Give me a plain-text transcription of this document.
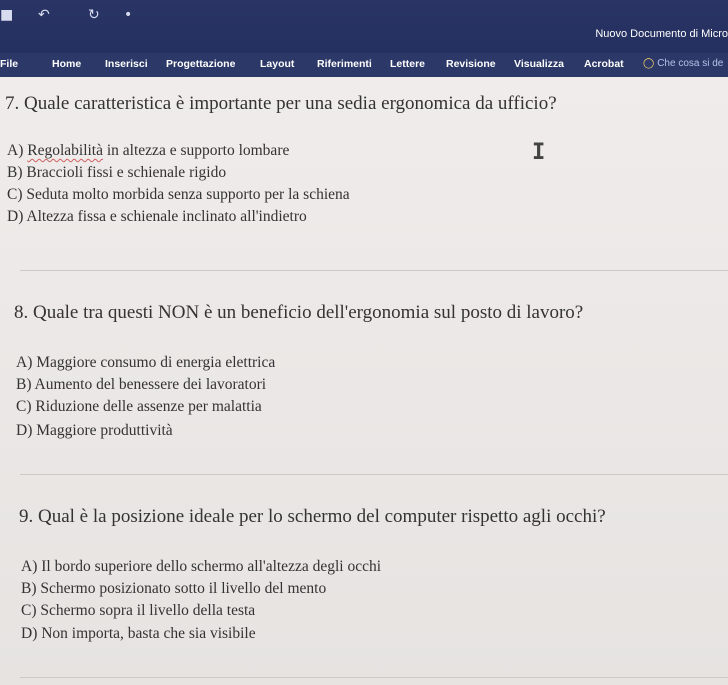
■ ↶	↻ •
Nuovo Documento di Micro
File	Home Inserisci Progettazione Layout Riferimenti Lettere Revisione Visualizza Acrobat ◯ Che cosa si de
7. Quale caratteristica è importante per una sedia ergonomica da ufficio?
A) Regolabilità in altezza e supporto lombare	I
B) Braccioli fissi e schienale rigido
C) Seduta molto morbida senza supporto per la schiena
D) Altezza fissa e schienale inclinato all'indietro
8. Quale tra questi NON è un beneficio dell'ergonomia sul posto di lavoro?
A) Maggiore consumo di energia elettrica
B) Aumento del benessere dei lavoratori
C) Riduzione delle assenze per malattia
D) Maggiore produttività
9. Qual è la posizione ideale per lo schermo del computer rispetto agli occhi?
A) Il bordo superiore dello schermo all'altezza degli occhi
B) Schermo posizionato sotto il livello del mento
C) Schermo sopra il livello della testa
D) Non importa, basta che sia visibile
